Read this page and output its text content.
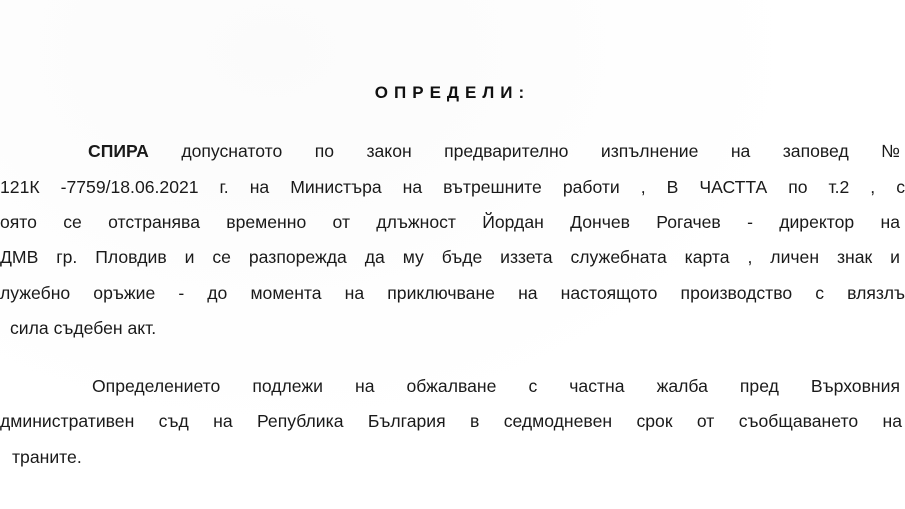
ОПРЕДЕЛИ:
СПИРА допуснатото по закон предварително изпълнение на заповед №
121К -7759/18.06.2021 г. на Министъра на вътрешните работи , В ЧАСТТА по т.2 , с
оято се отстранява временно от длъжност Йордан Дончев Рогачев - директор на
ДМВ гр. Пловдив и се разпорежда да му бъде иззета служебната карта , личен знак и
лужебно оръжие - до момента на приключване на настоящото производство с влязлъ
сила съдебен акт.
Определението подлежи на обжалване с частна жалба пред Върховния
дминистративен съд на Република България в седмодневен срок от съобщаването на
траните.
